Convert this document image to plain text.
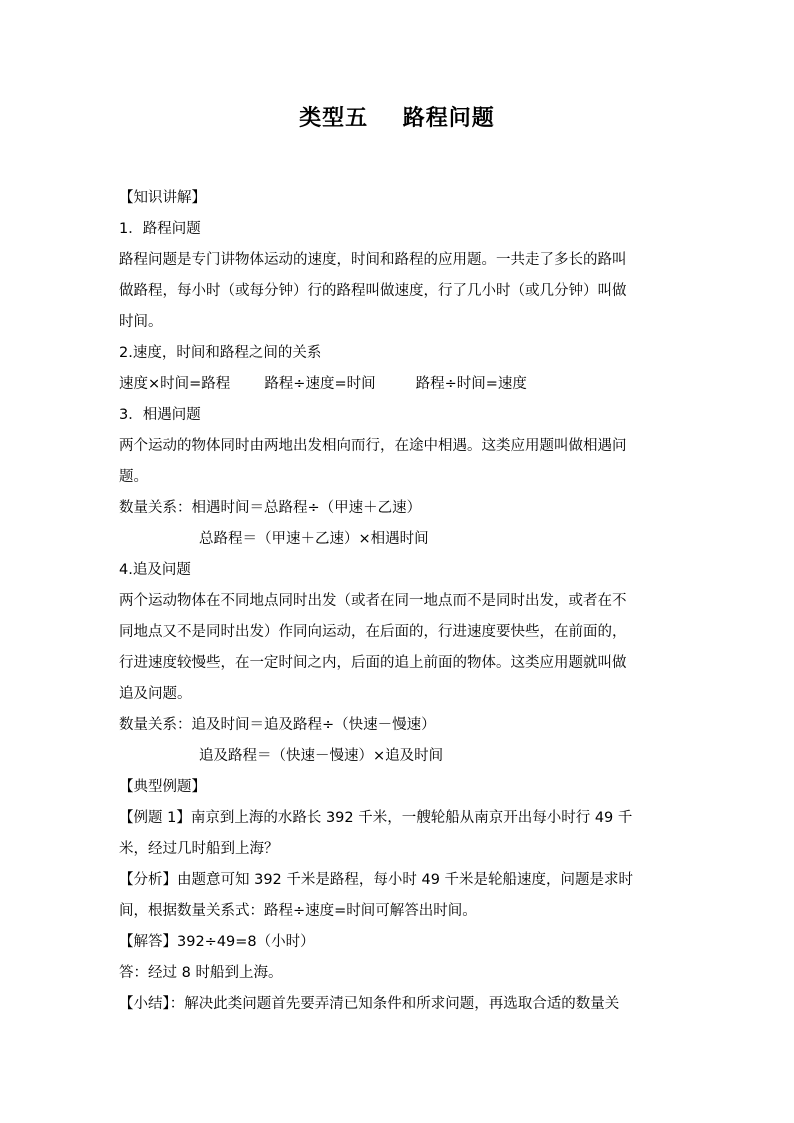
类型五    路程问题
【知识讲解】
1．路程问题
路程问题是专门讲物体运动的速度，时间和路程的应用题。一共走了多长的路叫
做路程，每小时（或每分钟）行的路程叫做速度，行了几小时（或几分钟）叫做
时间。
2.速度，时间和路程之间的关系
速度×时间=路程 路程÷速度=时间	路程÷时间=速度
3．相遇问题
两个运动的物体同时由两地出发相向而行，在途中相遇。这类应用题叫做相遇问
题。
数量关系：相遇时间＝总路程÷（甲速＋乙速）
总路程＝（甲速＋乙速）×相遇时间
4.追及问题
两个运动物体在不同地点同时出发（或者在同一地点而不是同时出发，或者在不
同地点又不是同时出发）作同向运动，在后面的，行进速度要快些，在前面的，
行进速度较慢些，在一定时间之内，后面的追上前面的物体。这类应用题就叫做
追及问题。
数量关系：追及时间＝追及路程÷（快速－慢速）
追及路程＝（快速－慢速）×追及时间
【典型例题】
【例题 1】南京到上海的水路长 392 千米，一艘轮船从南京开出每小时行 49 千
米，经过几时船到上海？
【分析】由题意可知 392 千米是路程，每小时 49 千米是轮船速度，问题是求时
间，根据数量关系式：路程÷速度=时间可解答出时间。
【解答】392÷49=8（小时）
答：经过 8 时船到上海。
【小结】：解决此类问题首先要弄清已知条件和所求问题，再选取合适的数量关
